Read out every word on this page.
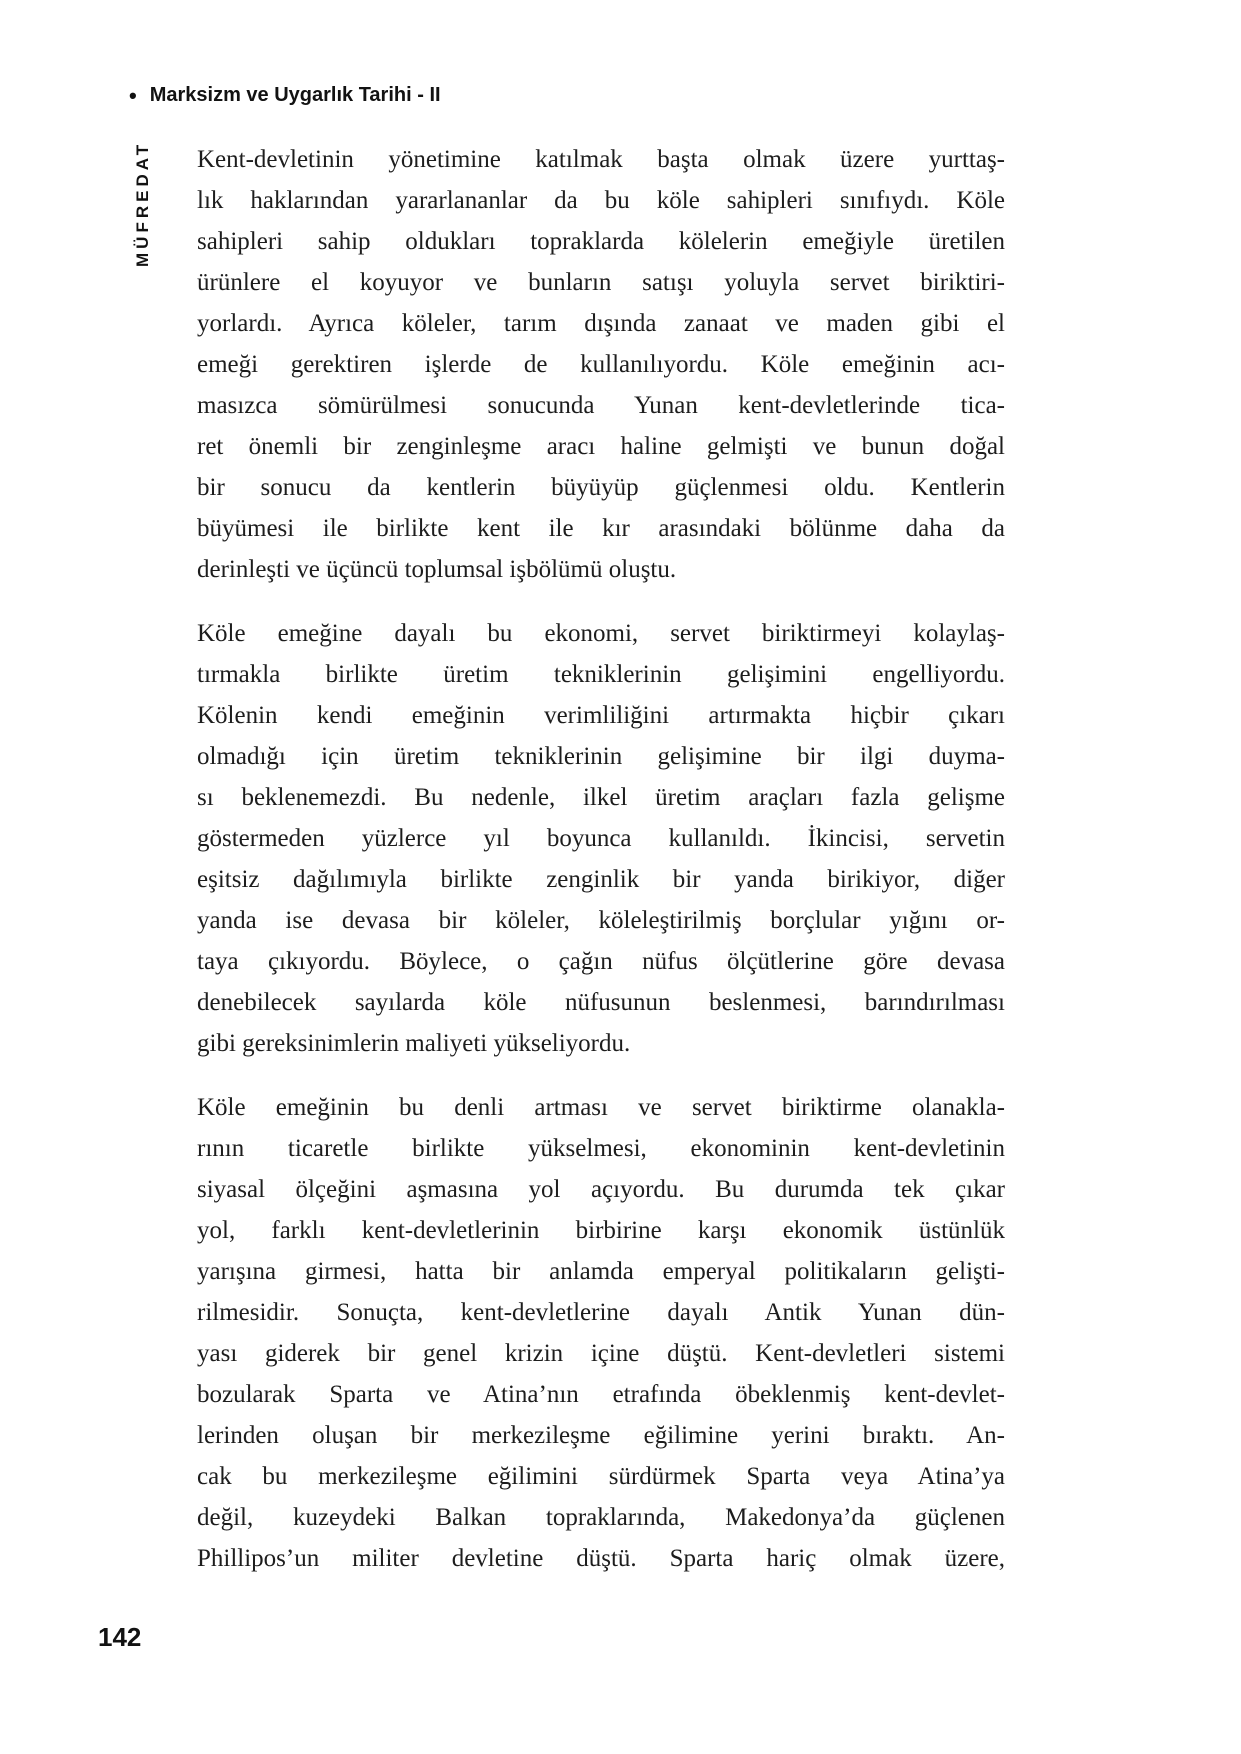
• Marksizm ve Uygarlık Tarihi - II
MÜFREDAT Kent-devletinin yönetimine katılmak başta olmak üzere yurttaş-
lık haklarından yararlananlar da bu köle sahipleri sınıfıydı. Köle
sahipleri sahip oldukları topraklarda kölelerin emeğiyle üretilen
ürünlere el koyuyor ve bunların satışı yoluyla servet biriktiri-
yorlardı. Ayrıca köleler, tarım dışında zanaat ve maden gibi el
emeği gerektiren işlerde de kullanılıyordu. Köle emeğinin acı-
masızca sömürülmesi sonucunda Yunan kent-devletlerinde tica-
ret önemli bir zenginleşme aracı haline gelmişti ve bunun doğal
bir sonucu da kentlerin büyüyüp güçlenmesi oldu. Kentlerin
büyümesi ile birlikte kent ile kır arasındaki bölünme daha da
derinleşti ve üçüncü toplumsal işbölümü oluştu.
Köle emeğine dayalı bu ekonomi, servet biriktirmeyi kolaylaş-
tırmakla birlikte üretim tekniklerinin gelişimini engelliyordu.
Kölenin kendi emeğinin verimliliğini artırmakta hiçbir çıkarı
olmadığı için üretim tekniklerinin gelişimine bir ilgi duyma-
sı beklenemezdi. Bu nedenle, ilkel üretim araçları fazla gelişme
göstermeden yüzlerce yıl boyunca kullanıldı. İkincisi, servetin
eşitsiz dağılımıyla birlikte zenginlik bir yanda birikiyor, diğer
yanda ise devasa bir köleler, köleleştirilmiş borçlular yığını or-
taya çıkıyordu. Böylece, o çağın nüfus ölçütlerine göre devasa
denebilecek sayılarda köle nüfusunun beslenmesi, barındırılması
gibi gereksinimlerin maliyeti yükseliyordu.
Köle emeğinin bu denli artması ve servet biriktirme olanakla-
rının ticaretle birlikte yükselmesi, ekonominin kent-devletinin
siyasal ölçeğini aşmasına yol açıyordu. Bu durumda tek çıkar
yol, farklı kent-devletlerinin birbirine karşı ekonomik üstünlük
yarışına girmesi, hatta bir anlamda emperyal politikaların gelişti-
rilmesidir. Sonuçta, kent-devletlerine dayalı Antik Yunan dün-
yası giderek bir genel krizin içine düştü. Kent-devletleri sistemi
bozularak Sparta ve Atina’nın etrafında öbeklenmiş kent-devlet-
lerinden oluşan bir merkezileşme eğilimine yerini bıraktı. An-
cak bu merkezileşme eğilimini sürdürmek Sparta veya Atina’ya
değil, kuzeydeki Balkan topraklarında, Makedonya’da güçlenen
Phillipos’un militer devletine düştü. Sparta hariç olmak üzere,
142
